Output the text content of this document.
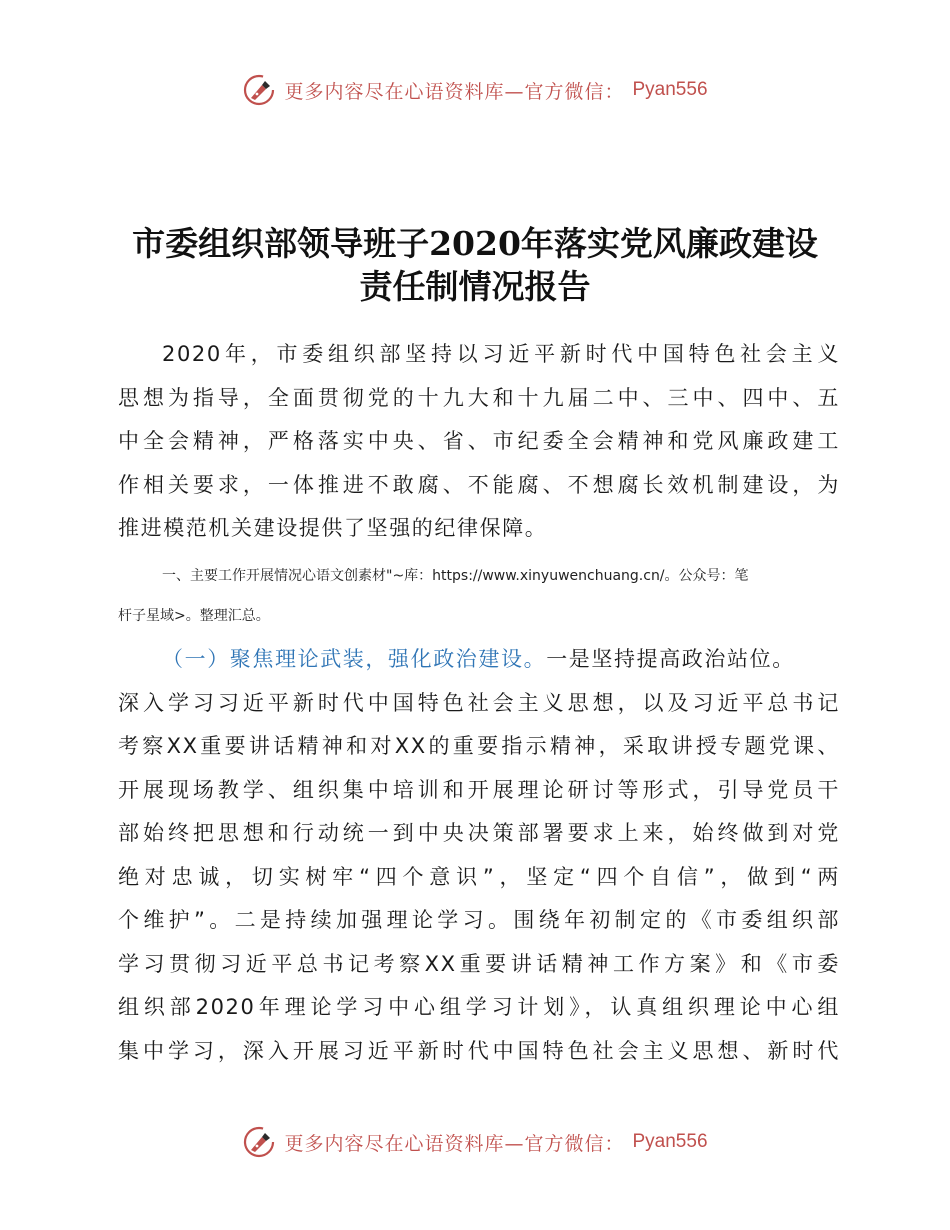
更多内容尽在心语资料库—官方微信： Pyan556
市委组织部领导班子2020年落实党风廉政建设
责任制情况报告
2020年，市委组织部坚持以习近平新时代中国特色社会主义
思想为指导，全面贯彻党的十九大和十九届二中、三中、四中、五
中全会精神，严格落实中央、省、市纪委全会精神和党风廉政建工
作相关要求，一体推进不敢腐、不能腐、不想腐长效机制建设，为
推进模范机关建设提供了坚强的纪律保障。
一、主要工作开展情况心语文创素材"~库：https://www.xinyuwenchuang.cn/。公众号：笔
杆子星域>。整理汇总。
（一）聚焦理论武装，强化政治建设。一是坚持提高政治站位。
深入学习习近平新时代中国特色社会主义思想，以及习近平总书记
考察XX重要讲话精神和对XX的重要指示精神，采取讲授专题党课、
开展现场教学、组织集中培训和开展理论研讨等形式，引导党员干
部始终把思想和行动统一到中央决策部署要求上来，始终做到对党
绝对忠诚，切实树牢“四个意识”，坚定“四个自信”，做到“两
个维护”。二是持续加强理论学习。围绕年初制定的《市委组织部
学习贯彻习近平总书记考察XX重要讲话精神工作方案》和《市委
组织部2020年理论学习中心组学习计划》，认真组织理论中心组
集中学习，深入开展习近平新时代中国特色社会主义思想、新时代
更多内容尽在心语资料库—官方微信： Pyan556
